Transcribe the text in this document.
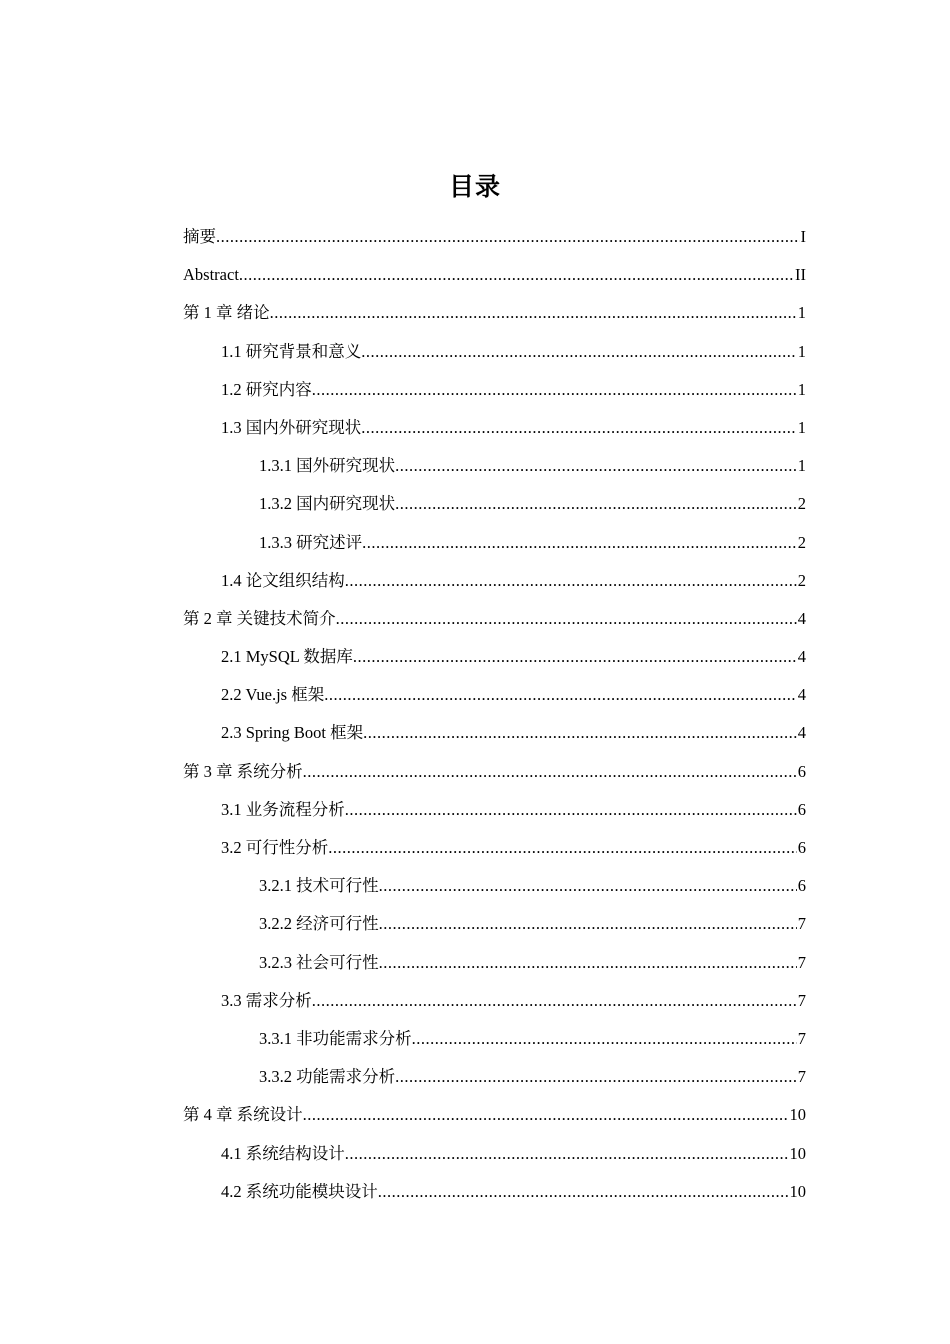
目录
摘要 .....	I
Abstract .....	II
第 1 章 绪论 .....	1
1.1 研究背景和意义 .....	1
1.2 研究内容 .....	1
1.3 国内外研究现状 .....	1
1.3.1 国外研究现状 .....	1
1.3.2 国内研究现状 .....	2
1.3.3 研究述评 .....	2
1.4 论文组织结构 .....	2
第 2 章 关键技术简介 .....	4
2.1 MySQL 数据库 .....	4
2.2 Vue.js 框架 .....	4
2.3 Spring Boot 框架 .....	4
第 3 章 系统分析 .....	6
3.1 业务流程分析 .....	6
3.2 可行性分析 .....	6
3.2.1 技术可行性 .....	6
3.2.2 经济可行性 .....	7
3.2.3 社会可行性 .....	7
3.3 需求分析 .....	7
3.3.1 非功能需求分析 .....	7
3.3.2 功能需求分析 .....	7
第 4 章 系统设计 .....	10
4.1 系统结构设计 .....	10
4.2 系统功能模块设计 .....	10
